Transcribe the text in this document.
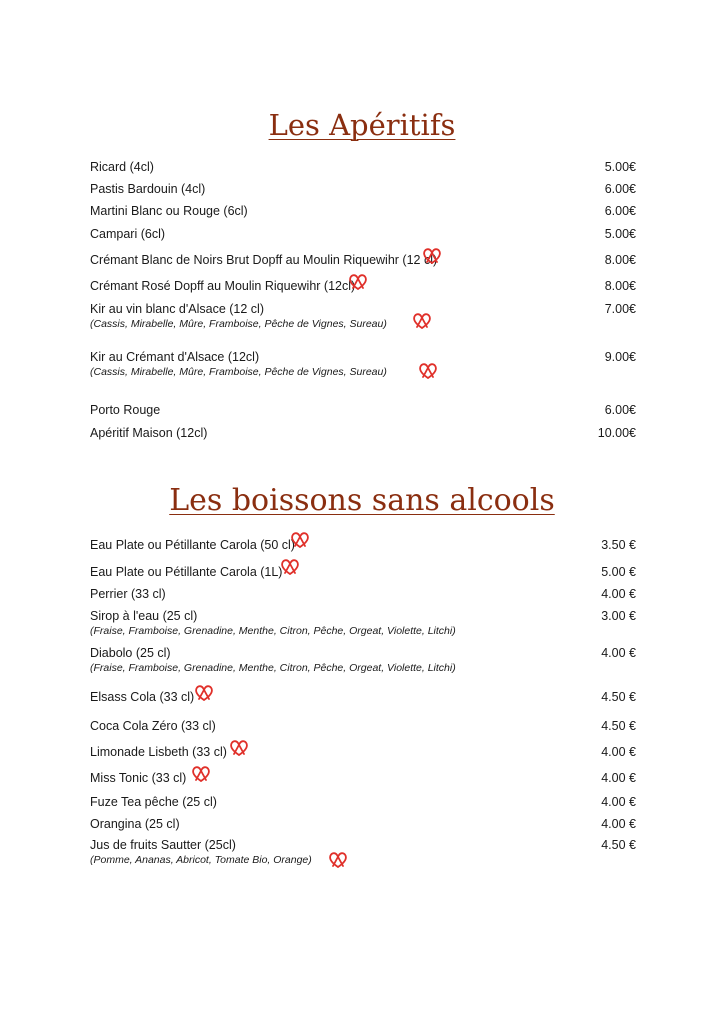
Les Apéritifs
Ricard (4cl)	5.00€
Pastis Bardouin (4cl)	6.00€
Martini Blanc ou Rouge (6cl)	6.00€
Campari (6cl)	5.00€
Crémant Blanc de Noirs Brut Dopff au Moulin Riquewihr (12 cl)	8.00€
Crémant Rosé Dopff au Moulin Riquewihr (12cl)	8.00€
Kir au vin blanc d'Alsace (12 cl)	7.00€
(Cassis, Mirabelle, Mûre, Framboise, Pêche de Vignes, Sureau)
Kir au Crémant d'Alsace (12cl)	9.00€
(Cassis, Mirabelle, Mûre, Framboise, Pêche de Vignes, Sureau)
Porto Rouge	6.00€
Apéritif Maison (12cl)	10.00€
Les boissons sans alcools
Eau Plate ou Pétillante Carola (50 cl)	3.50 €
Eau Plate ou Pétillante Carola (1L)	5.00 €
Perrier (33 cl)	4.00 €
Sirop à l'eau (25 cl)	3.00 €
(Fraise, Framboise, Grenadine, Menthe, Citron, Pêche, Orgeat, Violette, Litchi)
Diabolo (25 cl)	4.00 €
(Fraise, Framboise, Grenadine, Menthe, Citron, Pêche, Orgeat, Violette, Litchi)
Elsass Cola (33 cl)	4.50 €
Coca Cola Zéro (33 cl)	4.50 €
Limonade Lisbeth (33 cl)	4.00 €
Miss Tonic (33 cl)	4.00 €
Fuze Tea pêche (25 cl)	4.00 €
Orangina (25 cl)	4.00 €
Jus de fruits Sautter (25cl)	4.50 €
(Pomme, Ananas, Abricot, Tomate Bio, Orange)
